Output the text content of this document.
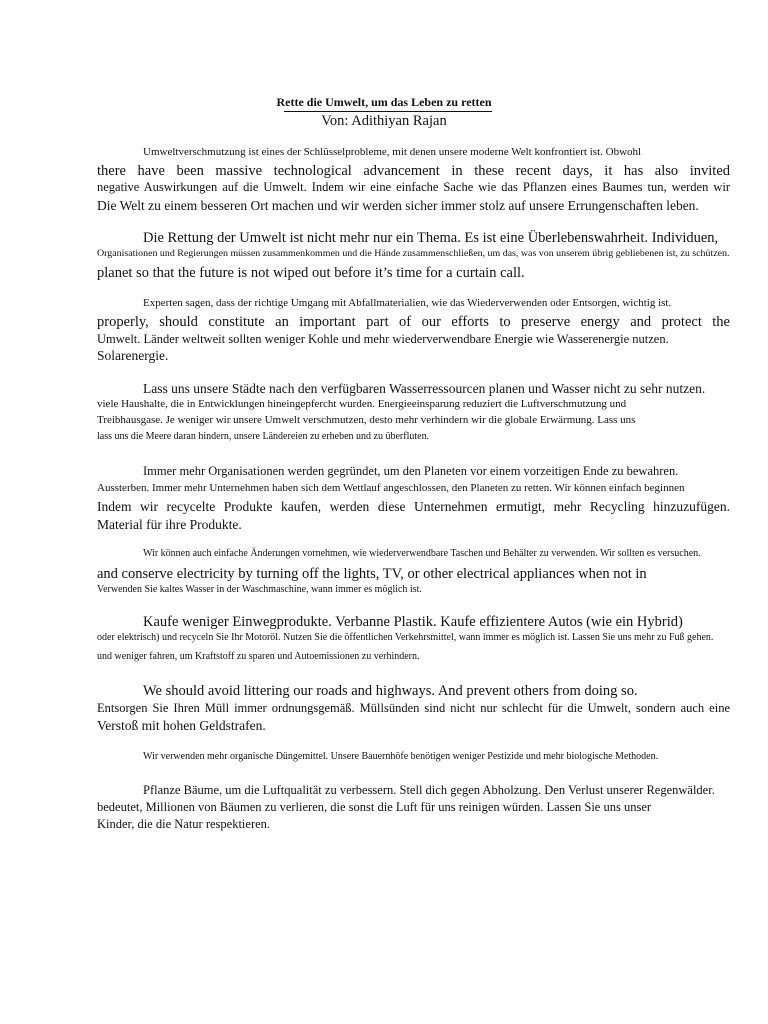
Rette die Umwelt, um das Leben zu retten
Von: Adithiyan Rajan
Umweltverschmutzung ist eines der Schlüsselprobleme, mit denen unsere moderne Welt konfrontiert ist. Obwohl
there have been massive technological advancement in these recent days, it has also invited
negative Auswirkungen auf die Umwelt. Indem wir eine einfache Sache wie das Pflanzen eines Baumes tun, werden wir
Die Welt zu einem besseren Ort machen und wir werden sicher immer stolz auf unsere Errungenschaften leben.
Die Rettung der Umwelt ist nicht mehr nur ein Thema. Es ist eine Überlebenswahrheit. Individuen,
Organisationen und Regierungen müssen zusammenkommen und die Hände zusammenschließen, um das, was von unserem übrig gebliebenen ist, zu schützen.
planet so that the future is not wiped out before it’s time for a curtain call.
Experten sagen, dass der richtige Umgang mit Abfallmaterialien, wie das Wiederverwenden oder Entsorgen, wichtig ist.
properly, should constitute an important part of our efforts to preserve energy and protect the
Umwelt. Länder weltweit sollten weniger Kohle und mehr wiederverwendbare Energie wie Wasserenergie nutzen.
Solarenergie.
Lass uns unsere Städte nach den verfügbaren Wasserressourcen planen und Wasser nicht zu sehr nutzen.
viele Haushalte, die in Entwicklungen hineingepfercht wurden. Energieeinsparung reduziert die Luftverschmutzung und
Treibhausgase. Je weniger wir unsere Umwelt verschmutzen, desto mehr verhindern wir die globale Erwärmung. Lass uns
lass uns die Meere daran hindern, unsere Ländereien zu erheben und zu überfluten.
Immer mehr Organisationen werden gegründet, um den Planeten vor einem vorzeitigen Ende zu bewahren.
Aussterben. Immer mehr Unternehmen haben sich dem Wettlauf angeschlossen, den Planeten zu retten. Wir können einfach beginnen
Indem wir recycelte Produkte kaufen, werden diese Unternehmen ermutigt, mehr Recycling hinzuzufügen.
Material für ihre Produkte.
Wir können auch einfache Änderungen vornehmen, wie wiederverwendbare Taschen und Behälter zu verwenden. Wir sollten es versuchen.
and conserve electricity by turning off the lights, TV, or other electrical appliances when not in
Verwenden Sie kaltes Wasser in der Waschmaschine, wann immer es möglich ist.
Kaufe weniger Einwegprodukte. Verbanne Plastik. Kaufe effizientere Autos (wie ein Hybrid)
oder elektrisch) und recyceln Sie Ihr Motoröl. Nutzen Sie die öffentlichen Verkehrsmittel, wann immer es möglich ist. Lassen Sie uns mehr zu Fuß gehen.
und weniger fahren, um Kraftstoff zu sparen und Autoemissionen zu verhindern.
We should avoid littering our roads and highways. And prevent others from doing so.
Entsorgen Sie Ihren Müll immer ordnungsgemäß. Müllsünden sind nicht nur schlecht für die Umwelt, sondern auch eine
Verstoß mit hohen Geldstrafen.
Wir verwenden mehr organische Düngemittel. Unsere Bauernhöfe benötigen weniger Pestizide und mehr biologische Methoden.
Pflanze Bäume, um die Luftqualität zu verbessern. Stell dich gegen Abholzung. Den Verlust unserer Regenwälder.
bedeutet, Millionen von Bäumen zu verlieren, die sonst die Luft für uns reinigen würden. Lassen Sie uns unser
Kinder, die die Natur respektieren.
